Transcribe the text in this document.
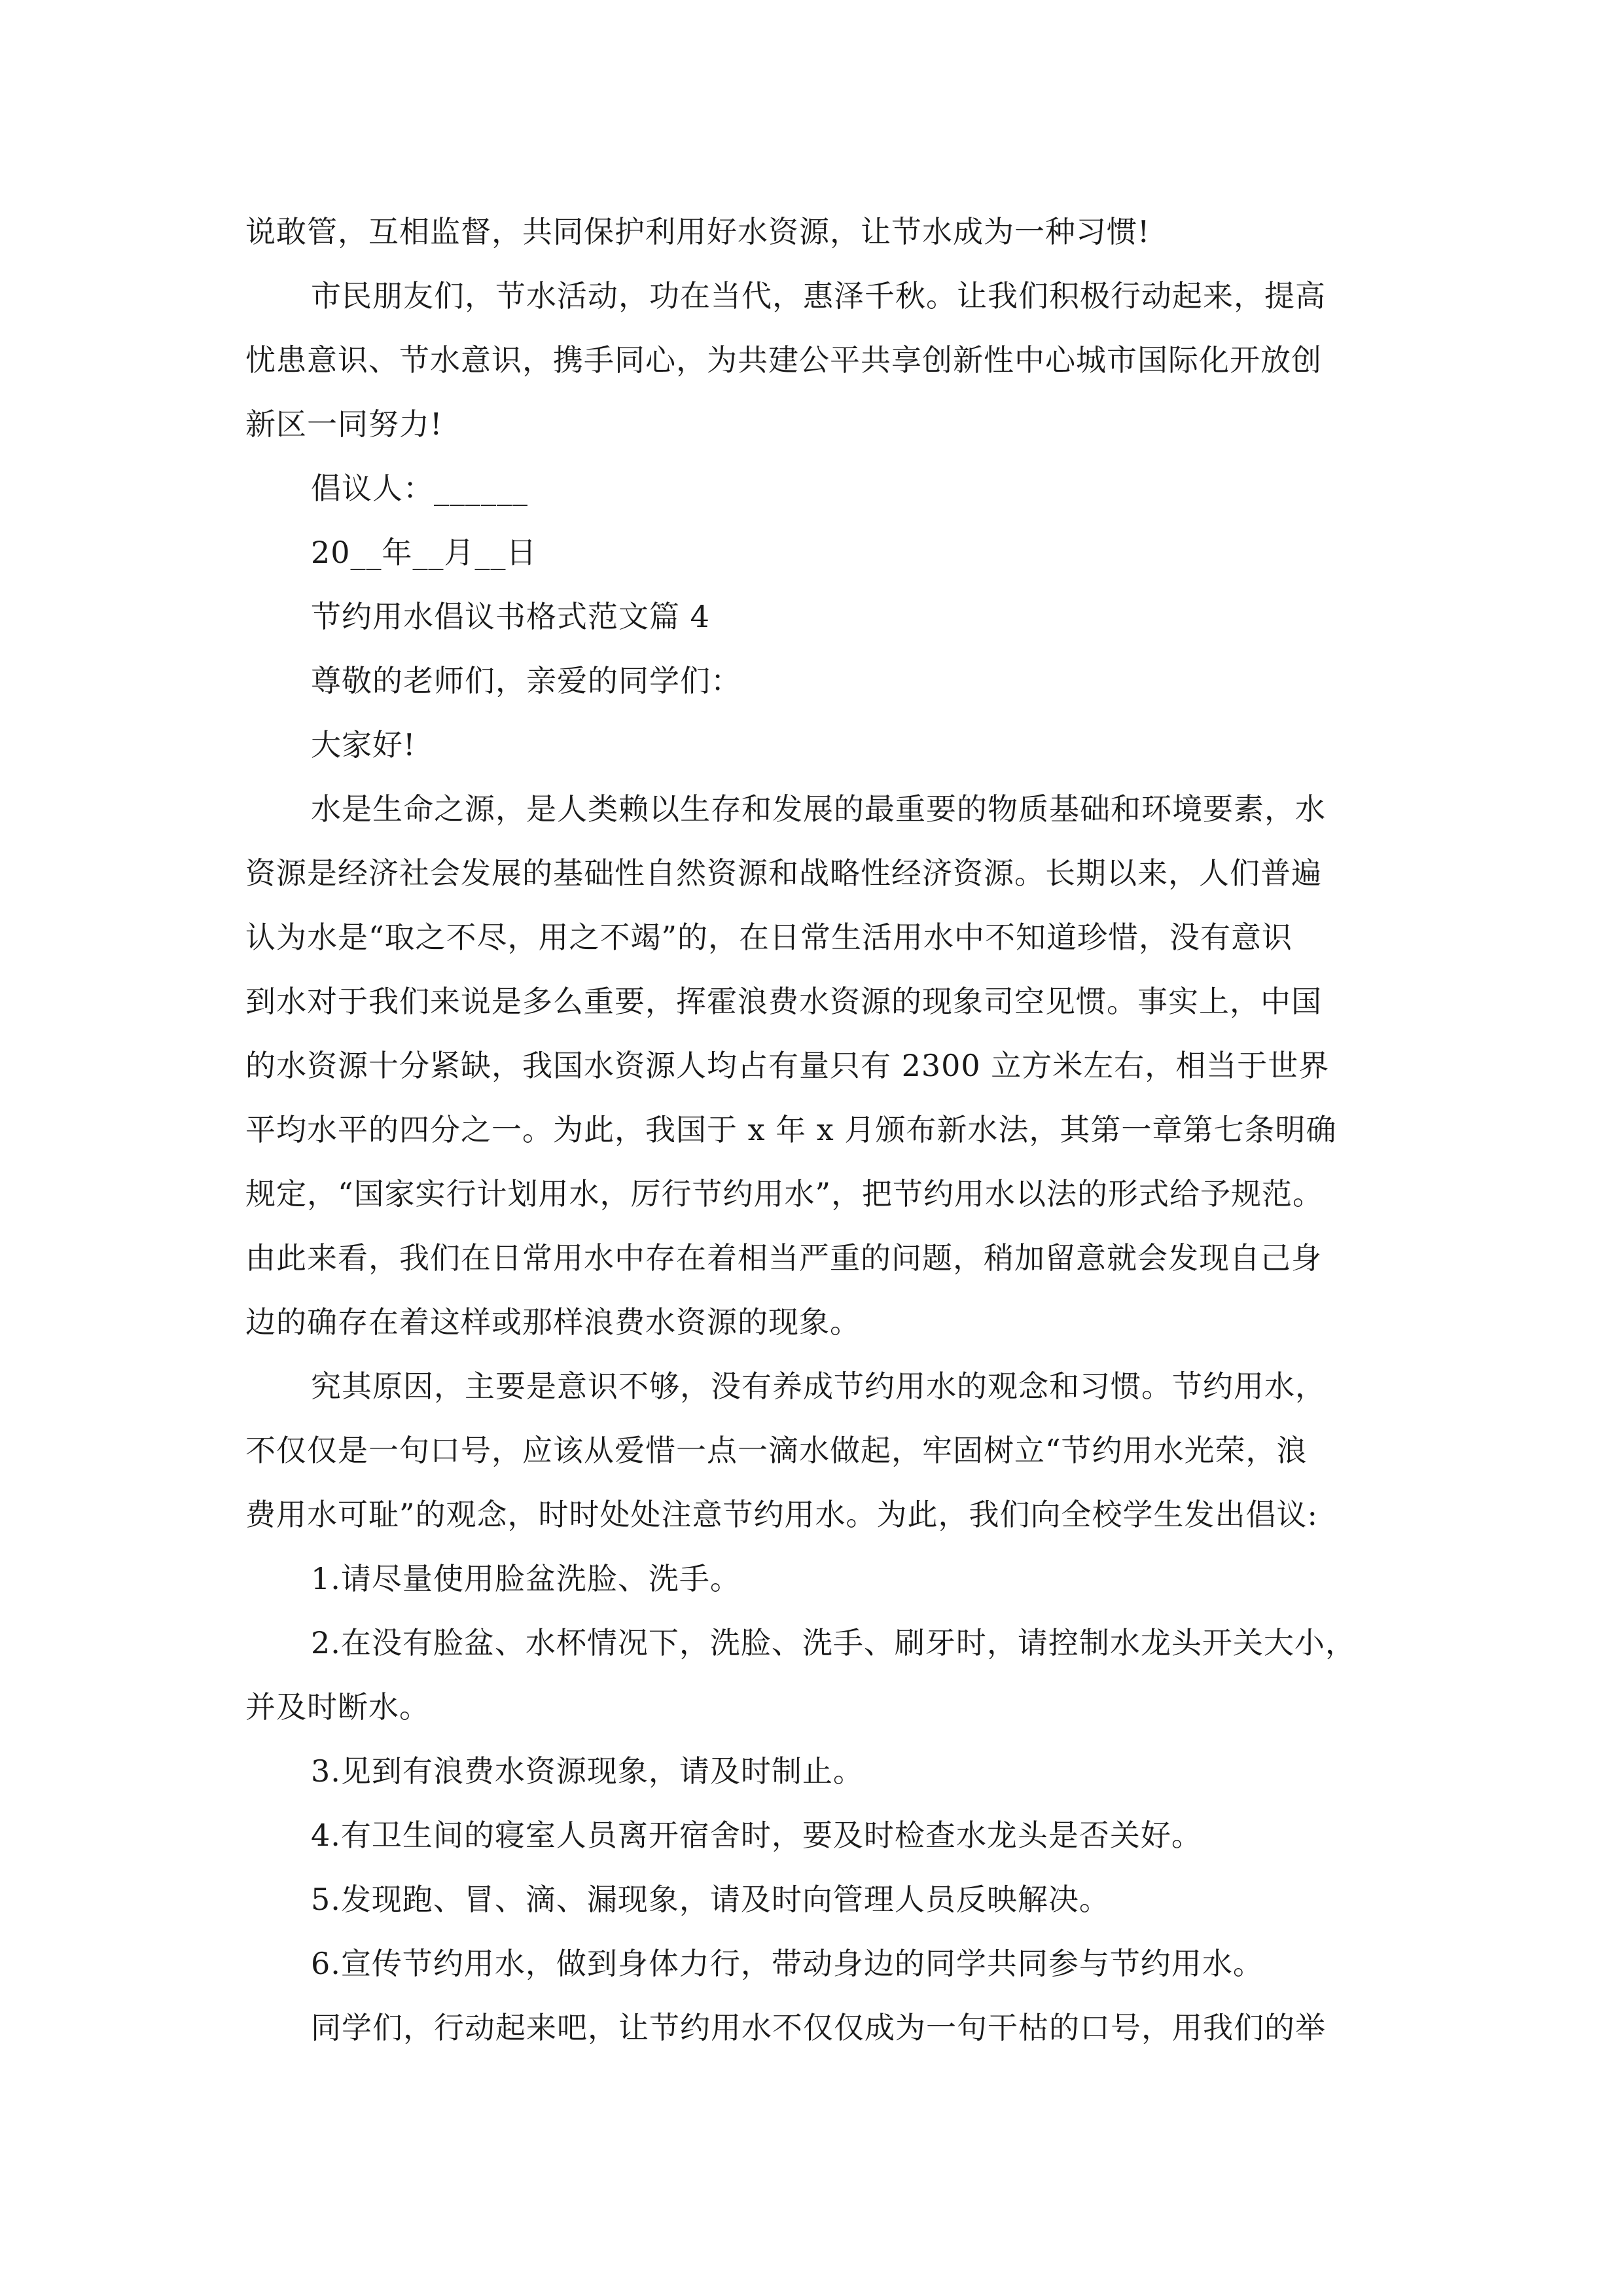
说敢管，互相监督，共同保护利用好水资源，让节水成为一种习惯!
市民朋友们，节水活动，功在当代，惠泽千秋。让我们积极行动起来，提高
忧患意识、节水意识，携手同心，为共建公平共享创新性中心城市国际化开放创
新区一同努力!
倡议人：______
20__年__月__日
节约用水倡议书格式范文篇 4
尊敬的老师们，亲爱的同学们：
大家好!
水是生命之源，是人类赖以生存和发展的最重要的物质基础和环境要素，水
资源是经济社会发展的基础性自然资源和战略性经济资源。长期以来，人们普遍
认为水是“取之不尽，用之不竭”的，在日常生活用水中不知道珍惜，没有意识
到水对于我们来说是多么重要，挥霍浪费水资源的现象司空见惯。事实上，中国
的水资源十分紧缺，我国水资源人均占有量只有 2300 立方米左右，相当于世界
平均水平的四分之一。为此，我国于 x 年 x 月颁布新水法，其第一章第七条明确
规定，“国家实行计划用水，厉行节约用水”，把节约用水以法的形式给予规范。
由此来看，我们在日常用水中存在着相当严重的问题，稍加留意就会发现自己身
边的确存在着这样或那样浪费水资源的现象。
究其原因，主要是意识不够，没有养成节约用水的观念和习惯。节约用水，
不仅仅是一句口号，应该从爱惜一点一滴水做起，牢固树立“节约用水光荣，浪
费用水可耻”的观念，时时处处注意节约用水。为此，我们向全校学生发出倡议:
1.请尽量使用脸盆洗脸、洗手。
2.在没有脸盆、水杯情况下，洗脸、洗手、刷牙时，请控制水龙头开关大小，
并及时断水。
3.见到有浪费水资源现象，请及时制止。
4.有卫生间的寝室人员离开宿舍时，要及时检查水龙头是否关好。
5.发现跑、冒、滴、漏现象，请及时向管理人员反映解决。
6.宣传节约用水，做到身体力行，带动身边的同学共同参与节约用水。
同学们，行动起来吧，让节约用水不仅仅成为一句干枯的口号，用我们的举
